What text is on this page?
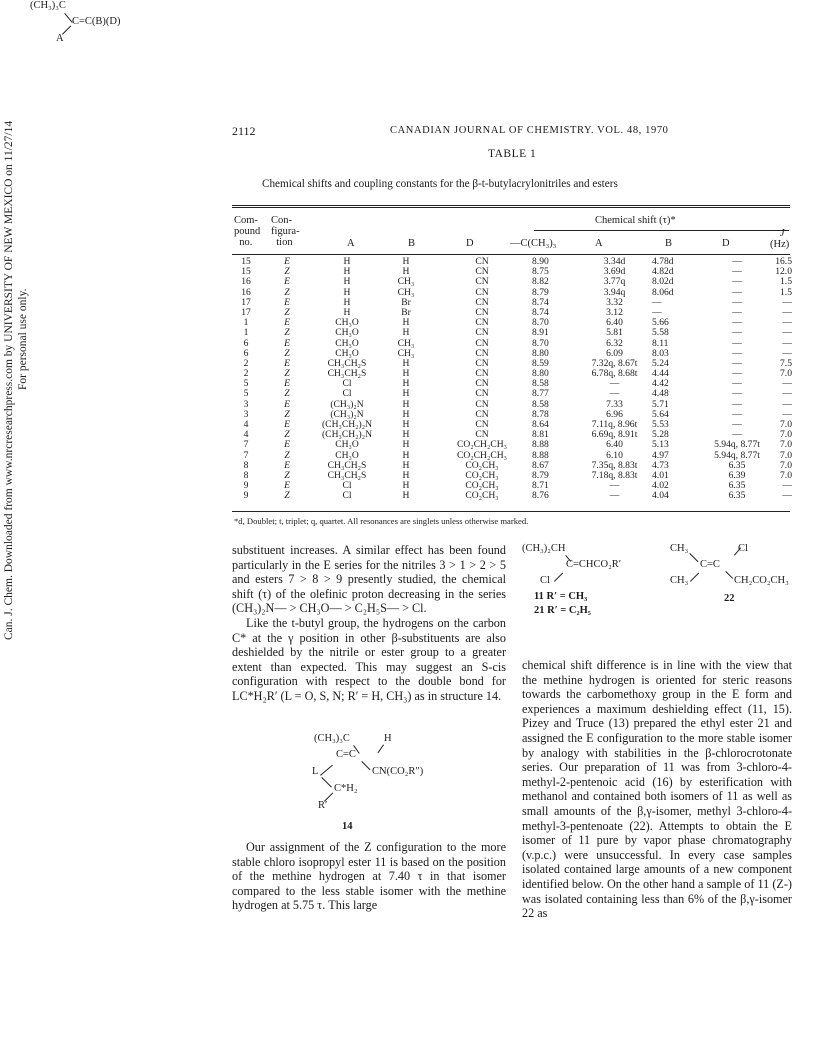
Can. J. Chem. Downloaded from www.nrcresearchpress.com by UNIVERSITY OF NEW MEXICO on 11/27/14 For personal use only.
2112	CANADIAN JOURNAL OF CHEMISTRY. VOL. 48, 1970
TABLE 1
Chemical shifts and coupling constants for the β-t-butylacrylonitriles and esters
(CH₃)₃C
C=C(B)(D)
A
Com-
pound
no.
Con-
figura-
tion	A	B	D
Chemical shift (τ)*
—C(CH₃)₃	A	B	D
J
(Hz)
15	E	H	H	CN	8.90	3.34d	4.78d	—	16.5
15	Z	H	H	CN	8.75	3.69d	4.82d	—	12.0
16	E	H	CH₃	CN	8.82	3.77q	8.02d	—	1.5
16	Z	H	CH₃	CN	8.79	3.94q	8.06d	—	1.5
17	E	H	Br	CN	8.74	3.32	—	—	—
17	Z	H	Br	CN	8.74	3.12	—	—	—
1	E	CH₃O	H	CN	8.70	6.40	5.66	—	—
1	Z	CH₃O	H	CN	8.91	5.81	5.58	—	—
6	E	CH₃O	CH₃	CN	8.70	6.32	8.11	—	—
6	Z	CH₃O	CH₃	CN	8.80	6.09	8.03	—	—
2	E	CH₃CH₂S	H	CN	8.59	7.32q, 8.67t	5.24	—	7.5
2	Z	CH₃CH₂S	H	CN	8.80	6.78q, 8.68t	4.44	—	7.0
5	E	Cl	H	CN	8.58	—	4.42	—	—
5	Z	Cl	H	CN	8.77	—	4.48	—	—
3	E	(CH₃)₂N	H	CN	8.58	7.33	5.71	—	—
3	Z	(CH₃)₂N	H	CN	8.78	6.96	5.64	—	—
4	E	(CH₃CH₂)₂N	H	CN	8.64	7.11q, 8.96t	5.53	—	7.0
4	Z	(CH₃CH₂)₂N	H	CN	8.81	6.69q, 8.91t	5.28	—	7.0
7	E	CH₃O	H	CO₂CH₂CH₃	8.88	6.40	5.13	5.94q, 8.77t	7.0
7	Z	CH₃O	H	CO₂CH₂CH₃	8.88	6.10	4.97	5.94q, 8.77t	7.0
8	E	CH₃CH₂S	H	CO₂CH₃	8.67	7.35q, 8.83t	4.73	6.35	7.0
8	Z	CH₃CH₂S	H	CO₂CH₃	8.79	7.18q, 8.83t	4.01	6.39	7.0
9	E	Cl	H	CO₂CH₃	8.71	—	4.02	6.35	—
9	Z	Cl	H	CO₂CH₃	8.76	—	4.04	6.35	—
*d, Doublet; t, triplet; q, quartet. All resonances are singlets unless otherwise marked.

substituent increases. A similar effect has been found particularly in the E series for the nitriles 3 > 1 > 2 > 5 and esters 7 > 8 > 9 presently studied, the chemical shift (τ) of the olefinic proton decreasing in the series (CH₃)₂N— > CH₃O— > C₂H₅S— > Cl.

Like the t-butyl group, the hydrogens on the carbon C* at the γ position in other β-substituents are also deshielded by the nitrile or ester group to a greater extent than expected. This may suggest an S-cis configuration with respect to the double bond for LC*H₂R′ (L = O, S, N; R′ = H, CH₃) as in structure 14.

(CH₃)₃C	H
C=C
L	CN(CO₂R″)
C*H₂
R′
14

Our assignment of the Z configuration to the more stable chloro isopropyl ester 11 is based on the position of the methine hydrogen at 7.40 τ in that isomer compared to the less stable isomer with the methine hydrogen at 5.75 τ. This large

(CH₃)₂CH
C=CHCO₂R′
Cl
11 R′ = CH₃
21 R′ = C₂H₅
CH₃	Cl
C=C
CH₃	CH₂CO₂CH₃
22

chemical shift difference is in line with the view that the methine hydrogen is oriented for steric reasons towards the carbomethoxy group in the E form and experiences a maximum deshielding effect (11, 15). Pizey and Truce (13) prepared the ethyl ester 21 and assigned the E configuration to the more stable isomer by analogy with stabilities in the β-chlorocrotonate series. Our preparation of 11 was from 3-chloro-4-methyl-2-pentenoic acid (16) by esterification with methanol and contained both isomers of 11 as well as small amounts of the β,γ-isomer, methyl 3-chloro-4-methyl-3-pentenoate (22). Attempts to obtain the E isomer of 11 pure by vapor phase chromatography (v.p.c.) were unsuccessful. In every case samples isolated contained large amounts of a new component identified below. On the other hand a sample of 11 (Z-) was isolated containing less than 6% of the β,γ-isomer 22 as
